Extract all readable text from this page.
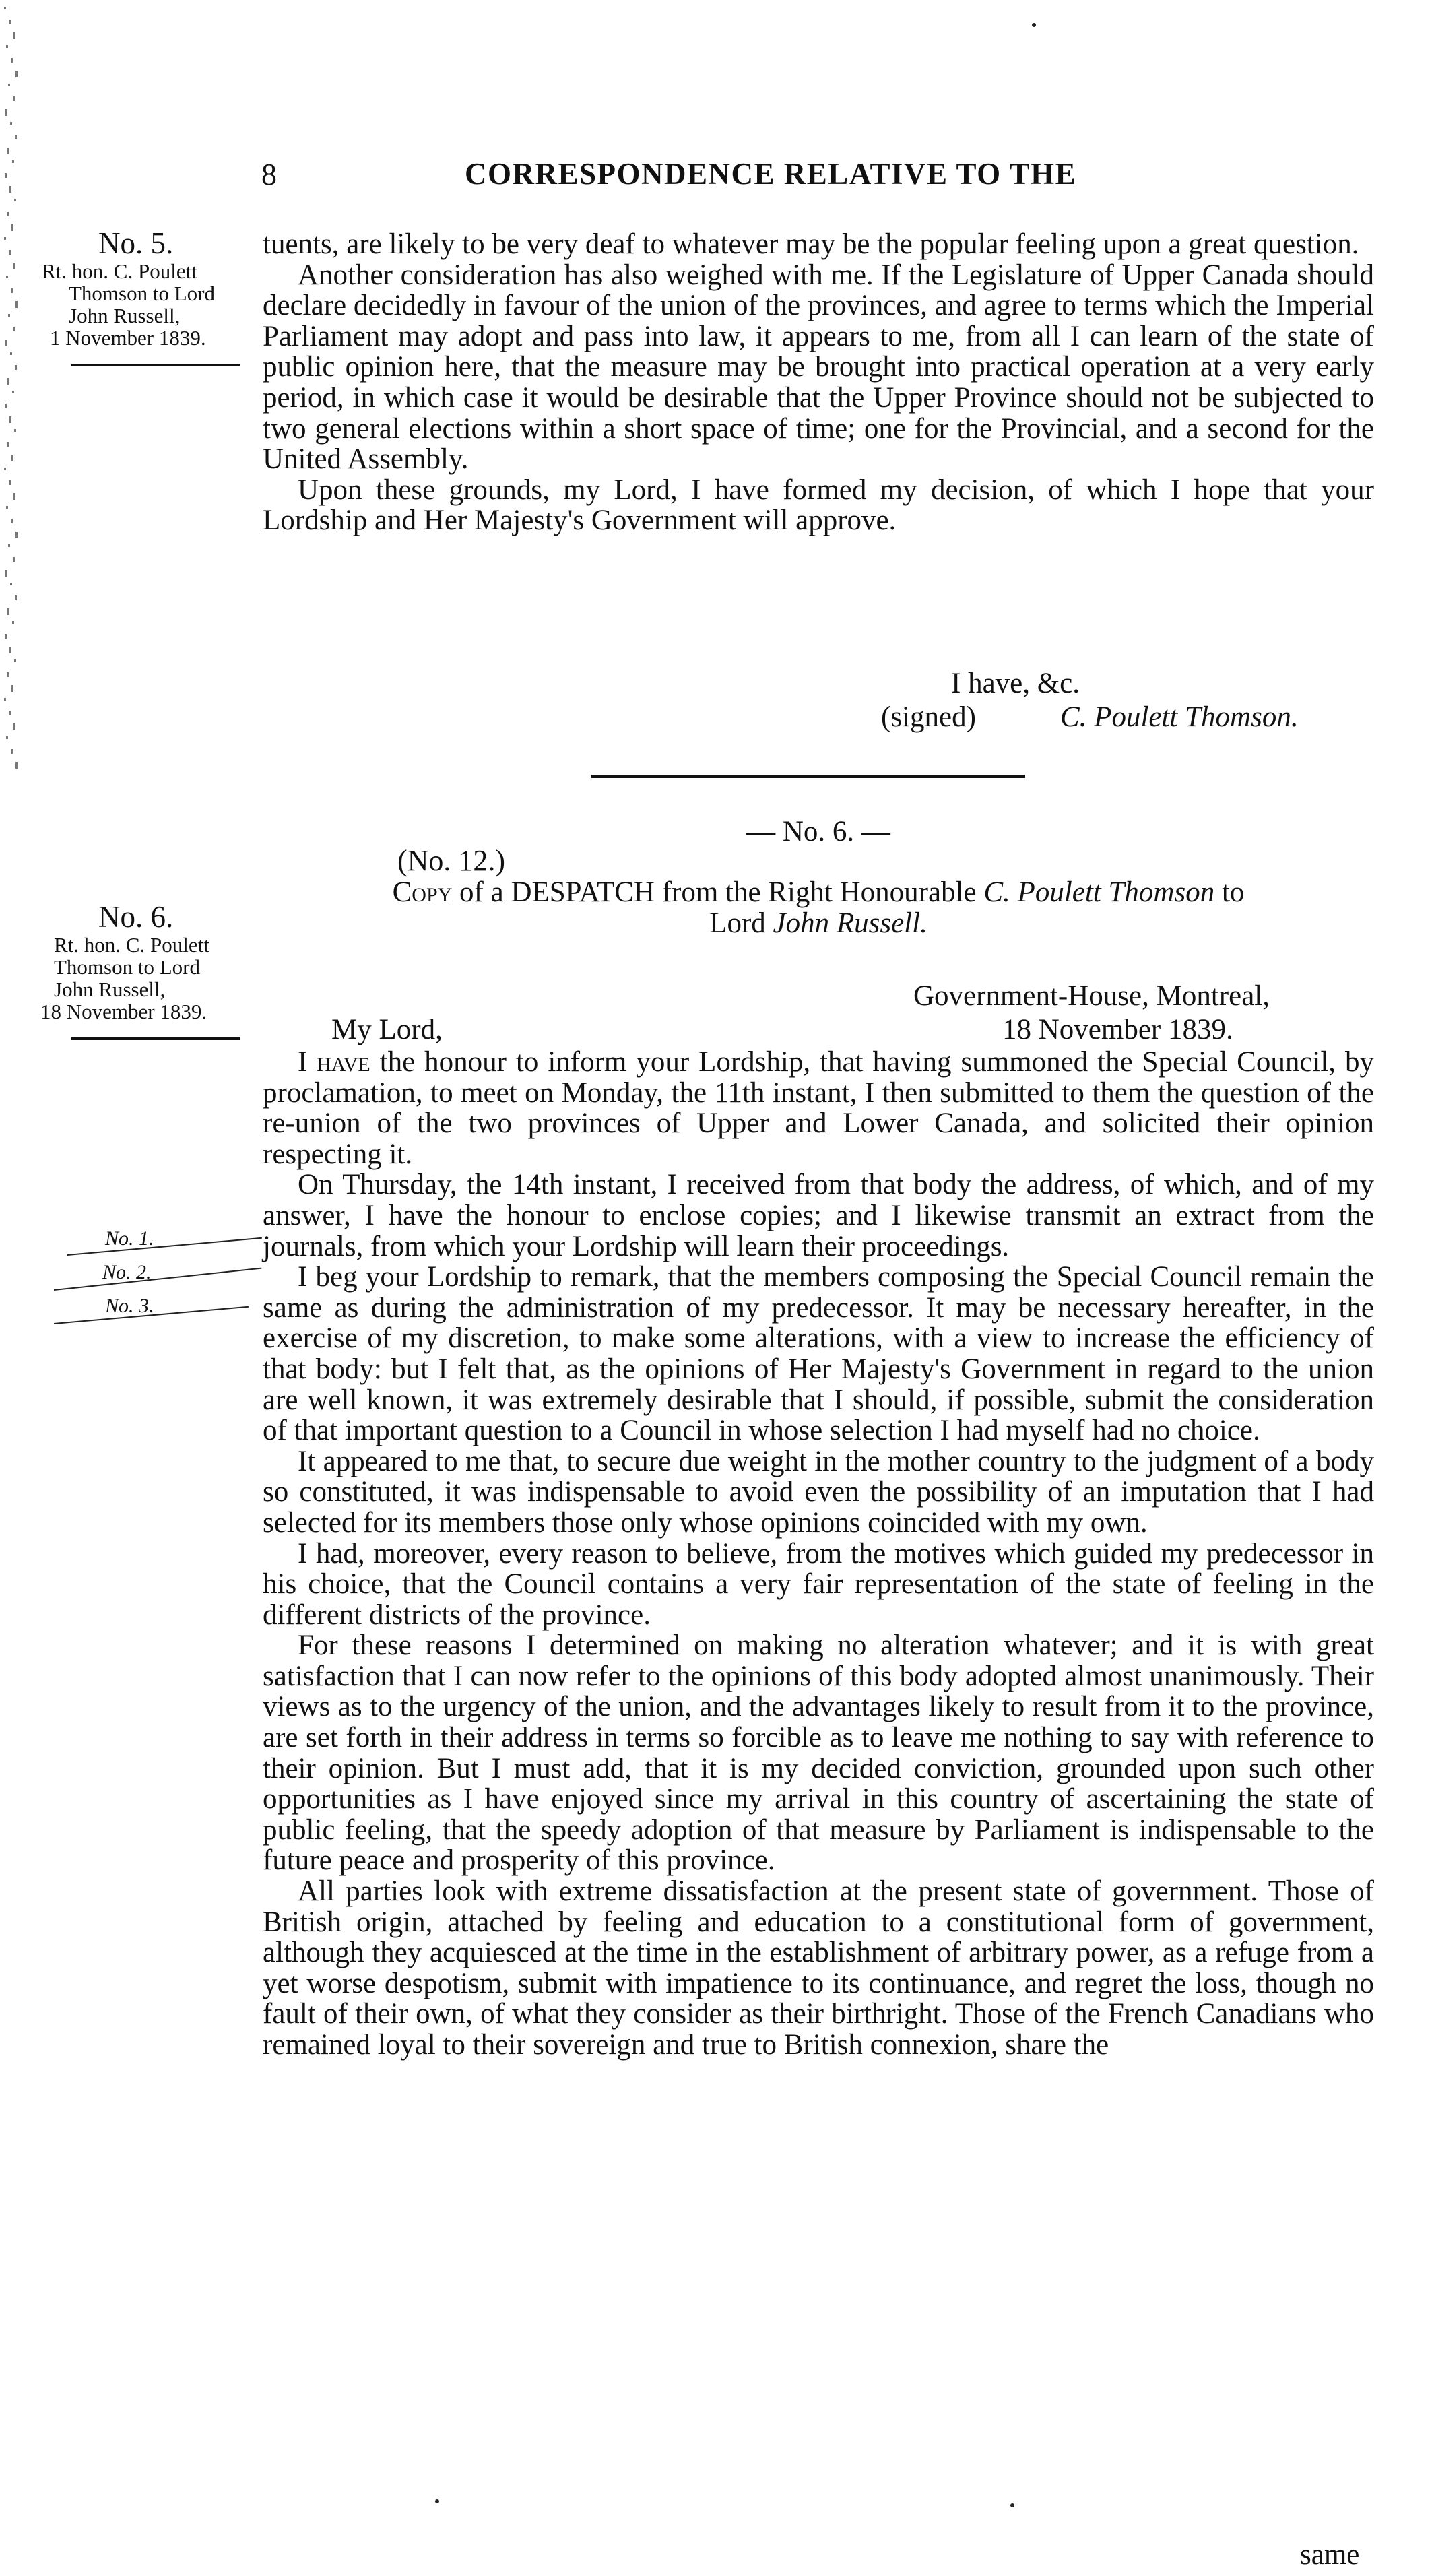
8	CORRESPONDENCE RELATIVE TO THE
No. 5.
Rt. hon. C. Poulett
Thomson to Lord
John Russell,
1 November 1839.

tuents, are likely to be very deaf to whatever may be the popular feeling upon a great question.

Another consideration has also weighed with me. If the Legislature of Upper Canada should declare decidedly in favour of the union of the provinces, and agree to terms which the Imperial Parliament may adopt and pass into law, it appears to me, from all I can learn of the state of public opinion here, that the measure may be brought into practical operation at a very early period, in which case it would be desirable that the Upper Province should not be subjected to two general elections within a short space of time; one for the Provincial, and a second for the United Assembly.

Upon these grounds, my Lord, I have formed my decision, of which I hope that your Lordship and Her Majesty's Government will approve.

I have, &c.
(signed)	C. Poulett Thomson.
— No. 6. —
(No. 12.)
Copy of a DESPATCH from the Right Honourable C. Poulett Thomson to
Lord John Russell.
No. 6.
Rt. hon. C. Poulett
Thomson to Lord
John Russell,
18 November 1839.	Government-House, Montreal,
My Lord,	18 November 1839.
No. 1.
No. 2.
No. 3.

I have the honour to inform your Lordship, that having summoned the Special Council, by proclamation, to meet on Monday, the 11th instant, I then submitted to them the question of the re-union of the two provinces of Upper and Lower Canada, and solicited their opinion respecting it.

On Thursday, the 14th instant, I received from that body the address, of which, and of my answer, I have the honour to enclose copies; and I likewise transmit an extract from the journals, from which your Lordship will learn their proceedings.

I beg your Lordship to remark, that the members composing the Special Council remain the same as during the administration of my predecessor. It may be necessary hereafter, in the exercise of my discretion, to make some alterations, with a view to increase the efficiency of that body: but I felt that, as the opinions of Her Majesty's Government in regard to the union are well known, it was extremely desirable that I should, if possible, submit the consideration of that important question to a Council in whose selection I had myself had no choice.

It appeared to me that, to secure due weight in the mother country to the judgment of a body so constituted, it was indispensable to avoid even the possibility of an imputation that I had selected for its members those only whose opinions coincided with my own.

I had, moreover, every reason to believe, from the motives which guided my predecessor in his choice, that the Council contains a very fair representation of the state of feeling in the different districts of the province.

For these reasons I determined on making no alteration whatever; and it is with great satisfaction that I can now refer to the opinions of this body adopted almost unanimously. Their views as to the urgency of the union, and the advantages likely to result from it to the province, are set forth in their address in terms so forcible as to leave me nothing to say with reference to their opinion. But I must add, that it is my decided conviction, grounded upon such other opportunities as I have enjoyed since my arrival in this country of ascertaining the state of public feeling, that the speedy adoption of that measure by Parliament is indispensable to the future peace and prosperity of this province.

All parties look with extreme dissatisfaction at the present state of government. Those of British origin, attached by feeling and education to a constitutional form of government, although they acquiesced at the time in the establishment of arbitrary power, as a refuge from a yet worse despotism, submit with impatience to its continuance, and regret the loss, though no fault of their own, of what they consider as their birthright. Those of the French Canadians who remained loyal to their sovereign and true to British connexion, share the

same
